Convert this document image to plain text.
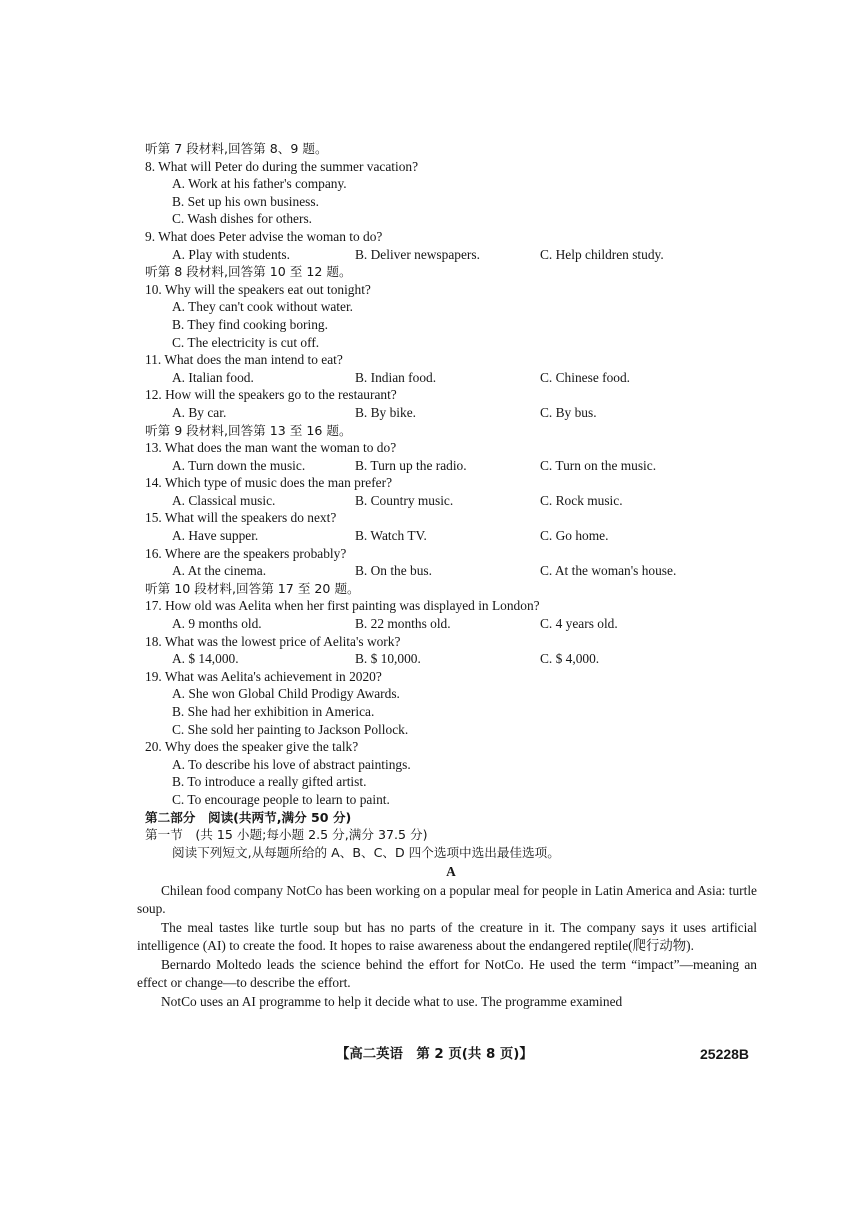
听第 7 段材料,回答第 8、9 题。
8. What will Peter do during the summer vacation?
A. Work at his father's company.
B. Set up his own business.
C. Wash dishes for others.
9. What does Peter advise the woman to do?
A. Play with students.	B. Deliver newspapers.	C. Help children study.
听第 8 段材料,回答第 10 至 12 题。
10. Why will the speakers eat out tonight?
A. They can't cook without water.
B. They find cooking boring.
C. The electricity is cut off.
11. What does the man intend to eat?
A. Italian food.	B. Indian food.	C. Chinese food.
12. How will the speakers go to the restaurant?
A. By car.	B. By bike.	C. By bus.
听第 9 段材料,回答第 13 至 16 题。
13. What does the man want the woman to do?
A. Turn down the music.	B. Turn up the radio.	C. Turn on the music.
14. Which type of music does the man prefer?
A. Classical music.	B. Country music.	C. Rock music.
15. What will the speakers do next?
A. Have supper.	B. Watch TV.	C. Go home.
16. Where are the speakers probably?
A. At the cinema.	B. On the bus.	C. At the woman's house.
听第 10 段材料,回答第 17 至 20 题。
17. How old was Aelita when her first painting was displayed in London?
A. 9 months old.	B. 22 months old.	C. 4 years old.
18. What was the lowest price of Aelita's work?
A. $ 14,000.	B. $ 10,000.	C. $ 4,000.
19. What was Aelita's achievement in 2020?
A. She won Global Child Prodigy Awards.
B. She had her exhibition in America.
C. She sold her painting to Jackson Pollock.
20. Why does the speaker give the talk?
A. To describe his love of abstract paintings.
B. To introduce a really gifted artist.
C. To encourage people to learn to paint.
第二部分　阅读(共两节,满分 50 分)
第一节　(共 15 小题;每小题 2.5 分,满分 37.5 分)
阅读下列短文,从每题所给的 A、B、C、D 四个选项中选出最佳选项。
A
Chilean food company NotCo has been working on a popular meal for people in Latin America and Asia: turtle soup.
The meal tastes like turtle soup but has no parts of the creature in it. The company says it uses artificial intelligence (AI) to create the food. It hopes to raise awareness about the endangered reptile(爬行动物).
Bernardo Moltedo leads the science behind the effort for NotCo. He used the term “impact”—meaning an effect or change—to describe the effort.
NotCo uses an AI programme to help it decide what to use. The programme examined
【高二英语　第 2 页(共 8 页)】	25228B
